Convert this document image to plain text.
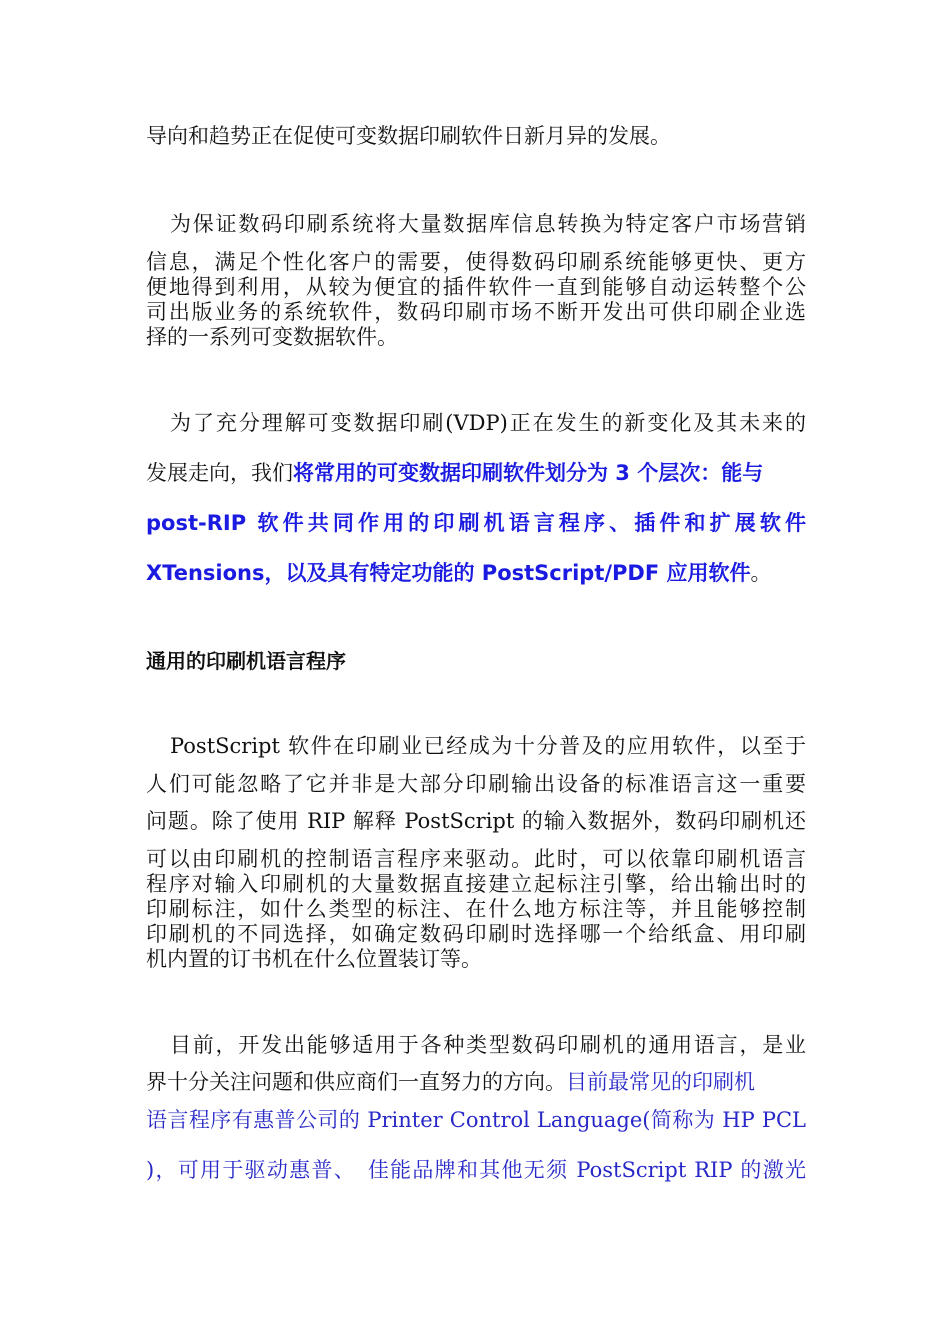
导向和趋势正在促使可变数据印刷软件日新月异的发展。
为保证数码印刷系统将大量数据库信息转换为特定客户市场营销
信息，满足个性化客户的需要，使得数码印刷系统能够更快、更方
便地得到利用，从较为便宜的插件软件一直到能够自动运转整个公
司出版业务的系统软件，数码印刷市场不断开发出可供印刷企业选
择的一系列可变数据软件。
为了充分理解可变数据印刷(VDP)正在发生的新变化及其未来的
发展走向，我们将常用的可变数据印刷软件划分为 3 个层次：能与
post-RIP 软件共同作用的印刷机语言程序、插件和扩展软件
XTensions，以及具有特定功能的 PostScript/PDF 应用软件。
通用的印刷机语言程序
PostScript 软件在印刷业已经成为十分普及的应用软件，以至于
人们可能忽略了它并非是大部分印刷输出设备的标准语言这一重要
问题。除了使用 RIP 解释 PostScript 的输入数据外，数码印刷机还
可以由印刷机的控制语言程序来驱动。此时，可以依靠印刷机语言
程序对输入印刷机的大量数据直接建立起标注引擎，给出输出时的
印刷标注，如什么类型的标注、在什么地方标注等，并且能够控制
印刷机的不同选择，如确定数码印刷时选择哪一个给纸盒、用印刷
机内置的订书机在什么位置装订等。
目前，开发出能够适用于各种类型数码印刷机的通用语言，是业
界十分关注问题和供应商们一直努力的方向。目前最常见的印刷机
语言程序有惠普公司的 Printer Control Language(简称为 HP PCL
)，可用于驱动惠普、　佳能品牌和其他无须 PostScript RIP 的激光
